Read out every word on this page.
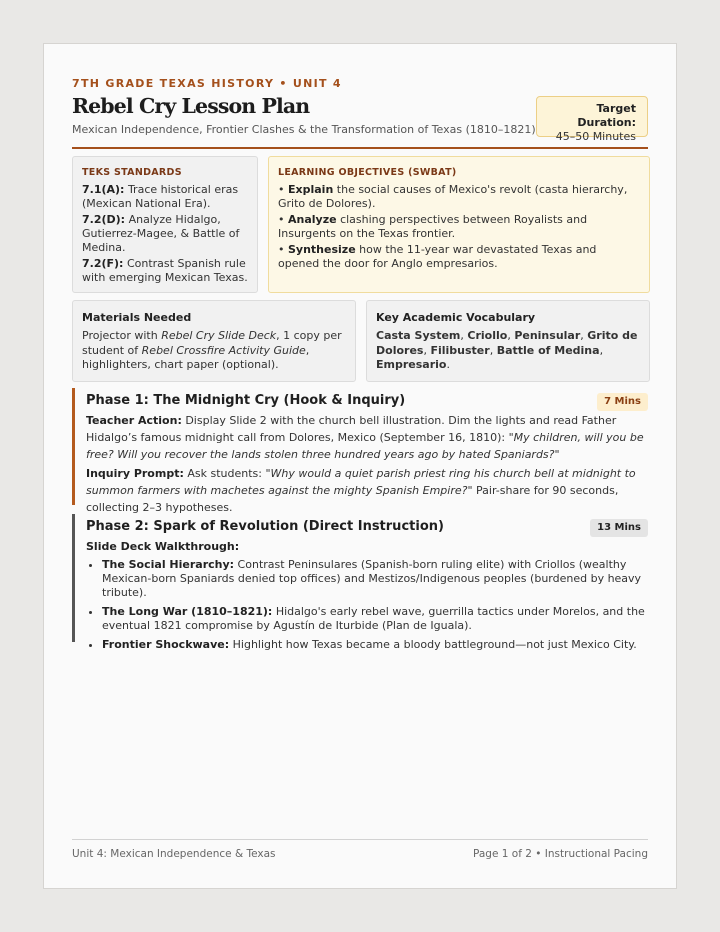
7TH GRADE TEXAS HISTORY • UNIT 4
Rebel Cry Lesson Plan
Mexican Independence, Frontier Clashes & the Transformation of Texas (1810–1821)
Target Duration:
45–50 Minutes
TEKS STANDARDS
7.1(A): Trace historical eras (Mexican National Era).
7.2(D): Analyze Hidalgo, Gutierrez-Magee, & Battle of Medina.
7.2(F): Contrast Spanish rule with emerging Mexican Texas.
LEARNING OBJECTIVES (SWBAT)
• Explain the social causes of Mexico's revolt (casta hierarchy, Grito de Dolores).
• Analyze clashing perspectives between Royalists and Insurgents on the Texas frontier.
• Synthesize how the 11-year war devastated Texas and opened the door for Anglo empresarios.
Materials Needed
Projector with Rebel Cry Slide Deck, 1 copy per student of Rebel Crossfire Activity Guide, highlighters, chart paper (optional).
Key Academic Vocabulary
Casta System, Criollo, Peninsular, Grito de Dolores, Filibuster, Battle of Medina, Empresario.
Phase 1: The Midnight Cry (Hook & Inquiry)	7 Mins

Teacher Action: Display Slide 2 with the church bell illustration. Dim the lights and read Father Hidalgo’s famous midnight call from Dolores, Mexico (September 16, 1810): "My children, will you be free? Will you recover the lands stolen three hundred years ago by hated Spaniards?"

Inquiry Prompt: Ask students: "Why would a quiet parish priest ring his church bell at midnight to summon farmers with machetes against the mighty Spanish Empire?" Pair-share for 90 seconds, collecting 2–3 hypotheses.

Phase 2: Spark of Revolution (Direct Instruction)	13 Mins
Slide Deck Walkthrough:
• The Social Hierarchy: Contrast Peninsulares (Spanish-born ruling elite) with Criollos (wealthy Mexican-born Spaniards denied top offices) and Mestizos/Indigenous peoples (burdened by heavy tribute).
• The Long War (1810–1821): Hidalgo's early rebel wave, guerrilla tactics under Morelos, and the eventual 1821 compromise by Agustín de Iturbide (Plan de Iguala).
• Frontier Shockwave: Highlight how Texas became a bloody battleground—not just Mexico City.
Unit 4: Mexican Independence & Texas	Page 1 of 2 • Instructional Pacing
